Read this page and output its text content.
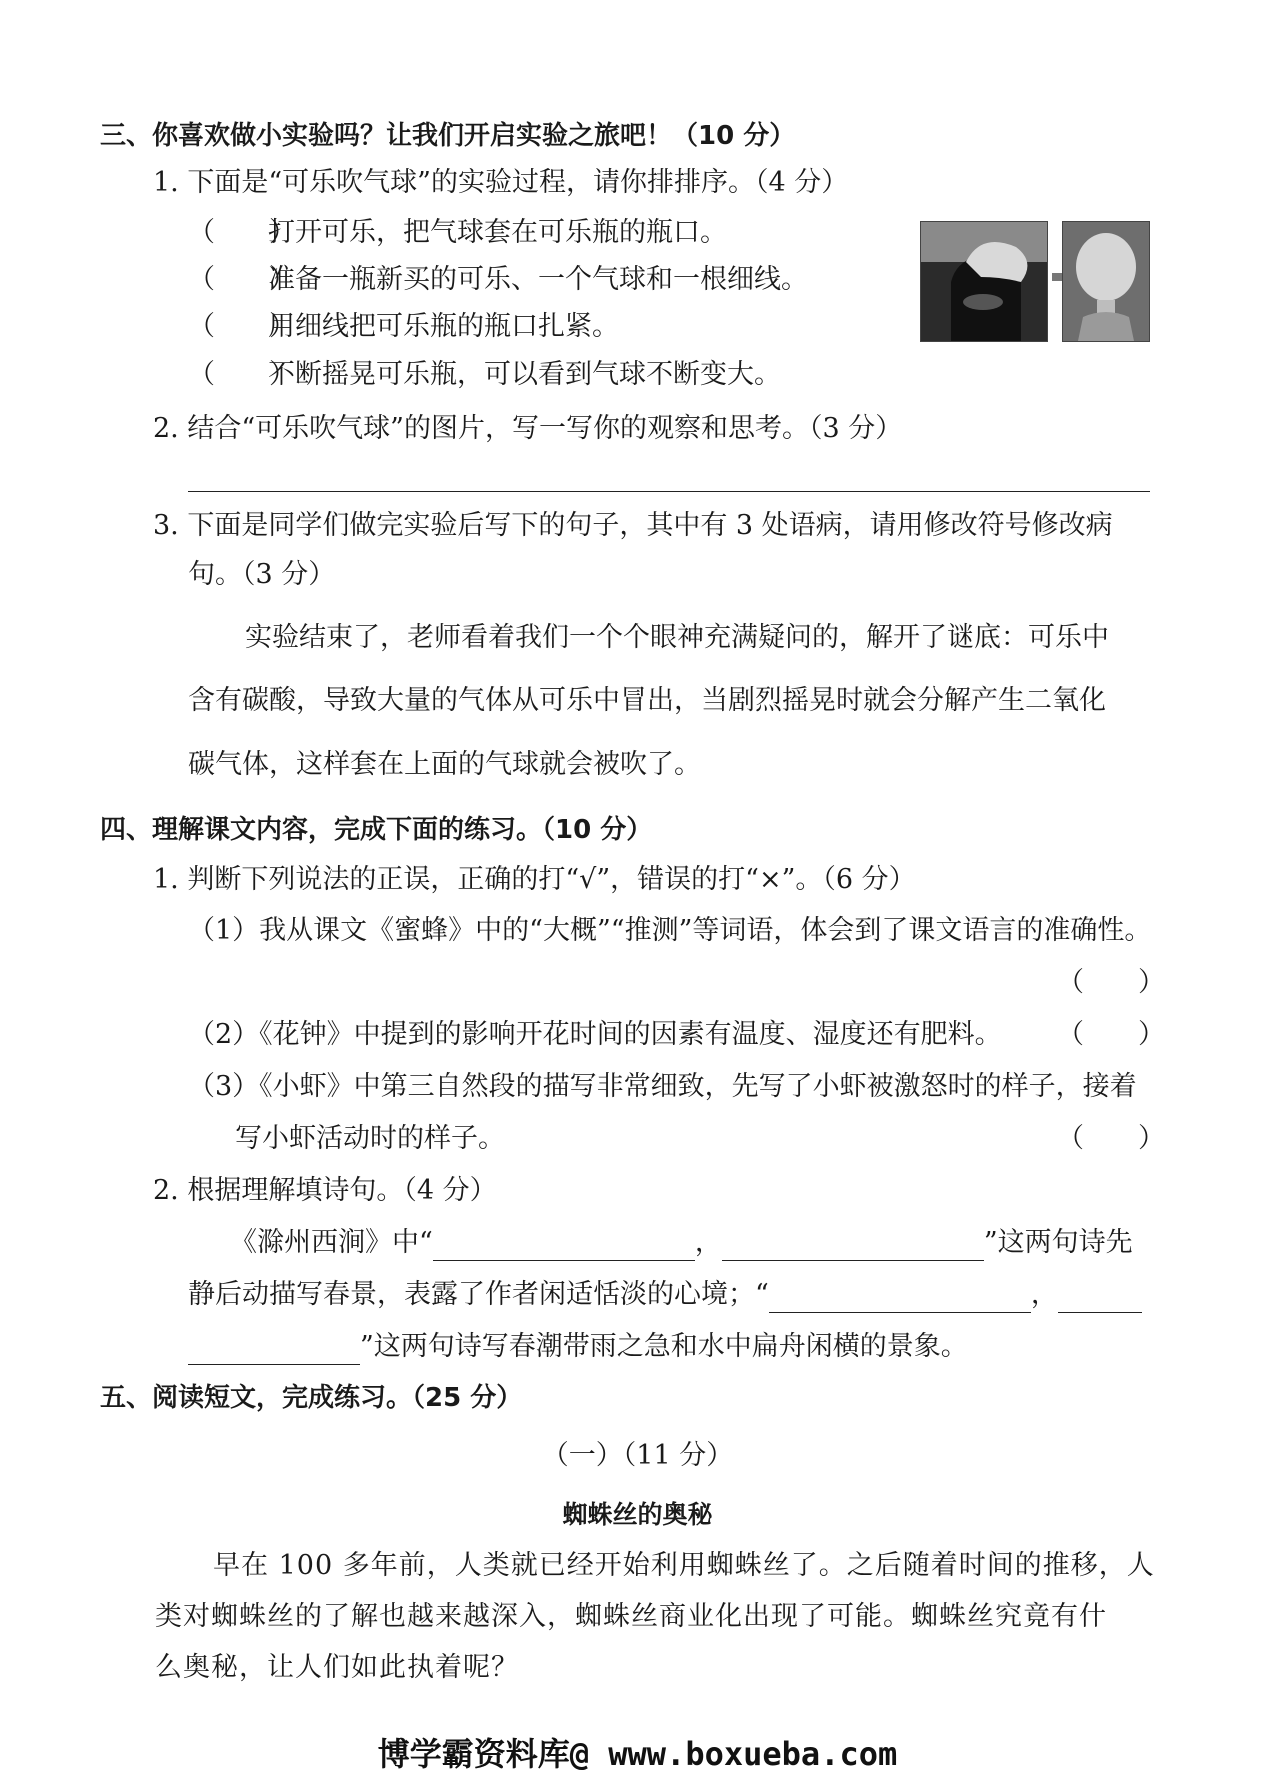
三、你喜欢做小实验吗？让我们开启实验之旅吧！（10 分）
1. 下面是“可乐吹气球”的实验过程，请你排排序。（4 分）
（　　）打开可乐，把气球套在可乐瓶的瓶口。
（　　）准备一瓶新买的可乐、一个气球和一根细线。
（　　）用细线把可乐瓶的瓶口扎紧。
（　　）不断摇晃可乐瓶，可以看到气球不断变大。
2. 结合“可乐吹气球”的图片，写一写你的观察和思考。（3 分）
3. 下面是同学们做完实验后写下的句子，其中有 3 处语病，请用修改符号修改病
句。（3 分）
实验结束了，老师看着我们一个个眼神充满疑问的，解开了谜底：可乐中
含有碳酸，导致大量的气体从可乐中冒出，当剧烈摇晃时就会分解产生二氧化
碳气体，这样套在上面的气球就会被吹了。
四、理解课文内容，完成下面的练习。（10 分）
1. 判断下列说法的正误，正确的打“√”，错误的打“×”。（6 分）
（1）我从课文《蜜蜂》中的“大概”“推测”等词语，体会到了课文语言的准确性。
（　　）
（2）《花钟》中提到的影响开花时间的因素有温度、湿度还有肥料。 （　　）
（3）《小虾》中第三自然段的描写非常细致，先写了小虾被激怒时的样子，接着
写小虾活动时的样子。	（　　）
2. 根据理解填诗句。（4 分）
《滁州西涧》中“	，	”这两句诗先
静后动描写春景，表露了作者闲适恬淡的心境；“	，
”这两句诗写春潮带雨之急和水中扁舟闲横的景象。
五、阅读短文，完成练习。（25 分）
（一）（11 分）
蜘蛛丝的奥秘
早在 100 多年前，人类就已经开始利用蜘蛛丝了。之后随着时间的推移，人
类对蜘蛛丝的了解也越来越深入，蜘蛛丝商业化出现了可能。蜘蛛丝究竟有什
么奥秘，让人们如此执着呢？
博学霸资料库@ www.boxueba.com
